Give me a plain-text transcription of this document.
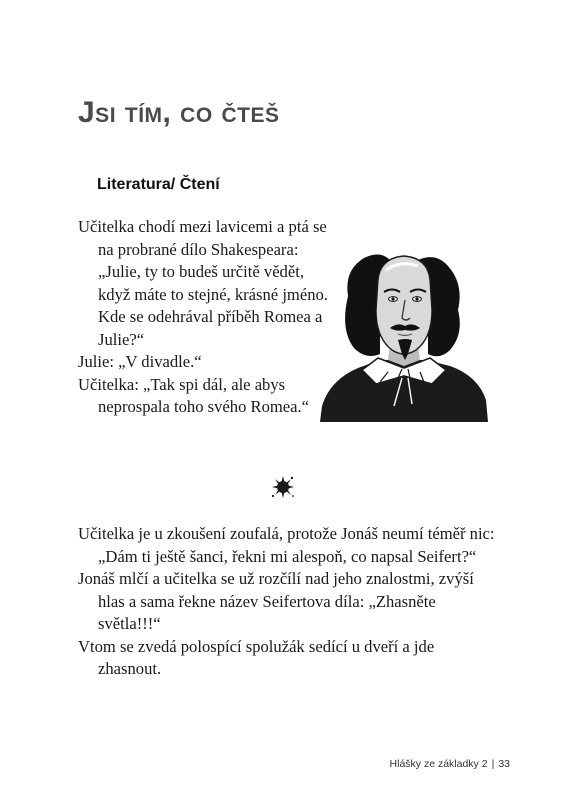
Jsi tím, co čteš
Literatura/ Čtení

Učitelka chodí mezi lavicemi a ptá se na probrané dílo Shakespeara: „Julie, ty to budeš určitě vědět, když máte to stejné, krásné jméno. Kde se odehrával příběh Romea a Julie?“

Julie: „V divadle.“

Učitelka: „Tak spi dál, ale abys neprospala toho svého Romea.“

Učitelka je u zkoušení zoufalá, protože Jonáš neumí téměř nic: „Dám ti ještě šanci, řekni mi alespoň, co napsal Seifert?“

Jonáš mlčí a učitelka se už rozčílí nad jeho znalostmi, zvýší hlas a sama řekne název Seifertova díla: „Zhasněte světla!!!“

Vtom se zvedá polospící spolužák sedící u dveří a jde zhasnout.

Hlášky ze základky 2 | 33
